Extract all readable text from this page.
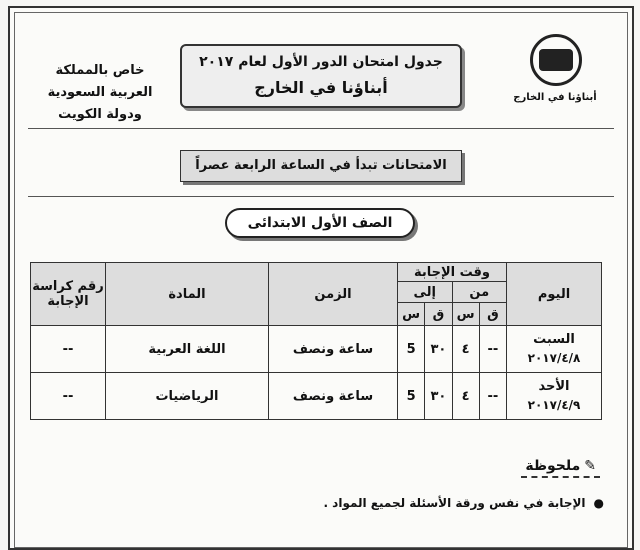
أبناؤنا في الخارج
جدول امتحان الدور الأول لعام ٢٠١٧
أبناؤنا في الخارج
خاص بالمملكة العربية السعودية
ودولة الكويت
الامتحانات تبدأ في الساعة الرابعة عصراً
الصف الأول الابتدائى
اليوم	وقت الإجابة				الزمن	المادة	رقم كراسة الإجابة
	من		إلى				
	ق	س	ق	س			

السبت
٢٠١٧/٤/٨	--	٤	٣٠	5	ساعة ونصف	اللغة العربية	--

الأحد
٢٠١٧/٤/٩	--	٤	٣٠	5	ساعة ونصف	الرياضيات	--
✎ملحوظة
●الإجابة في نفس ورقة الأسئلة لجميع المواد .
